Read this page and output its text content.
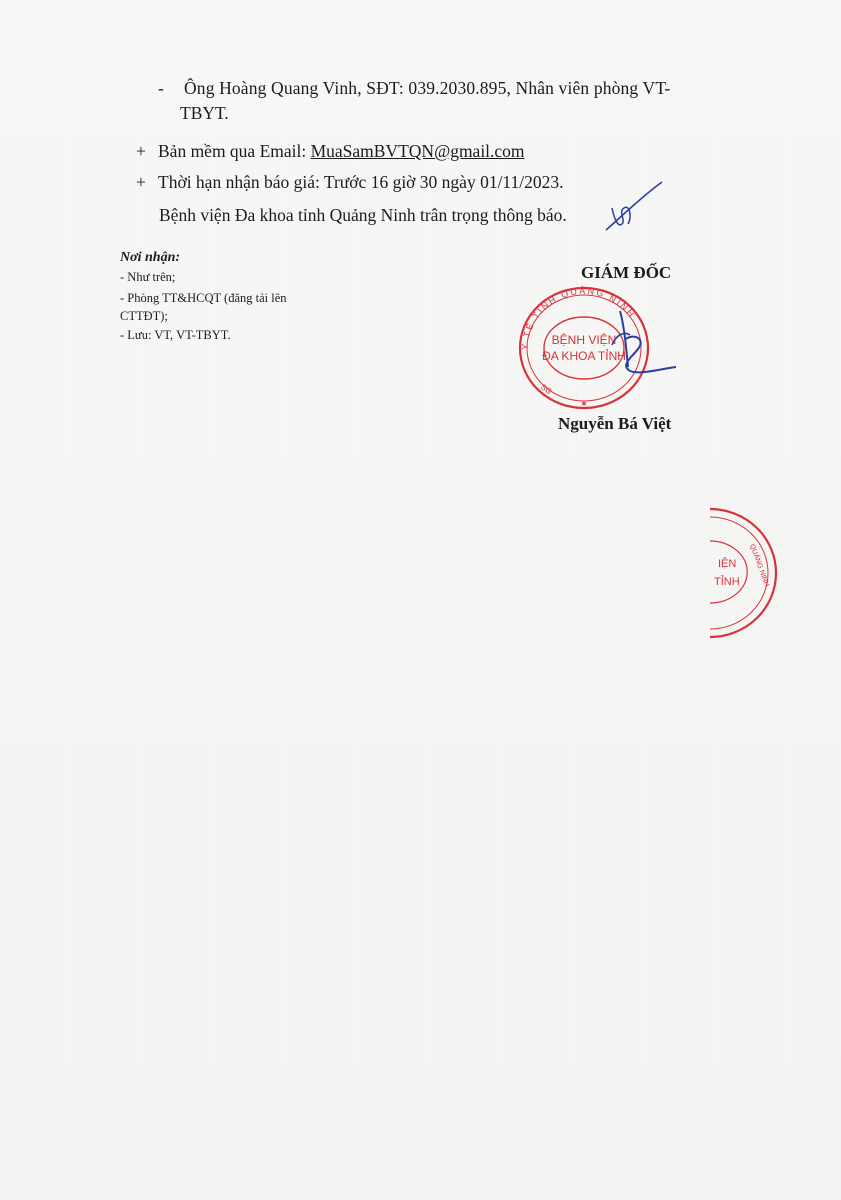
- Ông Hoàng Quang Vinh, SĐT: 039.2030.895, Nhân viên phòng VT-
TBYT.
+ Bản mềm qua Email: MuaSamBVTQN@gmail.com
+ Thời hạn nhận báo giá: Trước 16 giờ 30 ngày 01/11/2023.
Bệnh viện Đa khoa tỉnh Quảng Ninh trân trọng thông báo.
Nơi nhận:
- Như trên;
- Phòng TT&HCQT (đăng tải lên
CTTĐT);
- Lưu: VT, VT-TBYT.
GIÁM ĐỐC
Y TẾ TỈNH QUẢNG NINH
BỆNH VIỆN
ĐA KHOA TỈNH
SG
★
Nguyễn Bá Việt
IỆN
TỈNH QUẢNG NINH
